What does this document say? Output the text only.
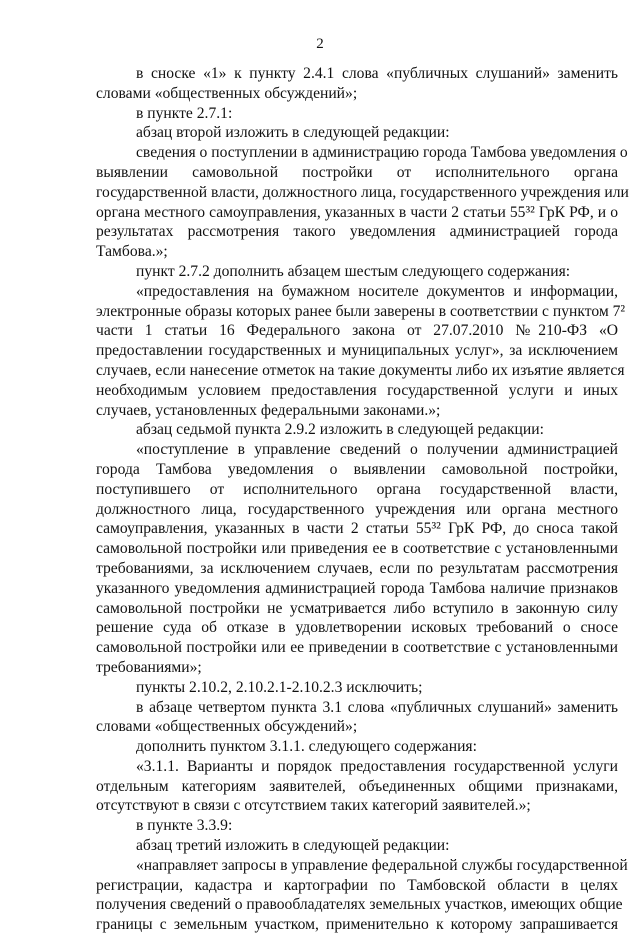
2
в сноске «1» к пункту 2.4.1 слова «публичных слушаний» заменить
словами «общественных обсуждений»;
в пункте 2.7.1:
абзац второй изложить в следующей редакции:
сведения о поступлении в администрацию города Тамбова уведомления о
выявлении самовольной постройки от исполнительного органа
государственной власти, должностного лица, государственного учреждения или
органа местного самоуправления, указанных в части 2 статьи 55³² ГрК РФ, и о
результатах рассмотрения такого уведомления администрацией города
Тамбова.»;
пункт 2.7.2 дополнить абзацем шестым следующего содержания:
«предоставления на бумажном носителе документов и информации,
электронные образы которых ранее были заверены в соответствии с пунктом 7²
части 1 статьи 16 Федерального закона от 27.07.2010 №210-ФЗ «О
предоставлении государственных и муниципальных услуг», за исключением
случаев, если нанесение отметок на такие документы либо их изъятие является
необходимым условием предоставления государственной услуги и иных
случаев, установленных федеральными законами.»;
абзац седьмой пункта 2.9.2 изложить в следующей редакции:
«поступление в управление сведений о получении администрацией
города Тамбова уведомления о выявлении самовольной постройки,
поступившего от исполнительного органа государственной власти,
должностного лица, государственного учреждения или органа местного
самоуправления, указанных в части 2 статьи 55³² ГрК РФ, до сноса такой
самовольной постройки или приведения ее в соответствие с установленными
требованиями, за исключением случаев, если по результатам рассмотрения
указанного уведомления администрацией города Тамбова наличие признаков
самовольной постройки не усматривается либо вступило в законную силу
решение суда об отказе в удовлетворении исковых требований о сносе
самовольной постройки или ее приведении в соответствие с установленными
требованиями»;
пункты 2.10.2, 2.10.2.1-2.10.2.3 исключить;
в абзаце четвертом пункта 3.1 слова «публичных слушаний» заменить
словами «общественных обсуждений»;
дополнить пунктом 3.1.1. следующего содержания:
«3.1.1. Варианты и порядок предоставления государственной услуги
отдельным категориям заявителей, объединенных общими признаками,
отсутствуют в связи с отсутствием таких категорий заявителей.»;
в пункте 3.3.9:
абзац третий изложить в следующей редакции:
«направляет запросы в управление федеральной службы государственной
регистрации, кадастра и картографии по Тамбовской области в целях
получения сведений о правообладателях земельных участков, имеющих общие
границы с земельным участком, применительно к которому запрашивается
